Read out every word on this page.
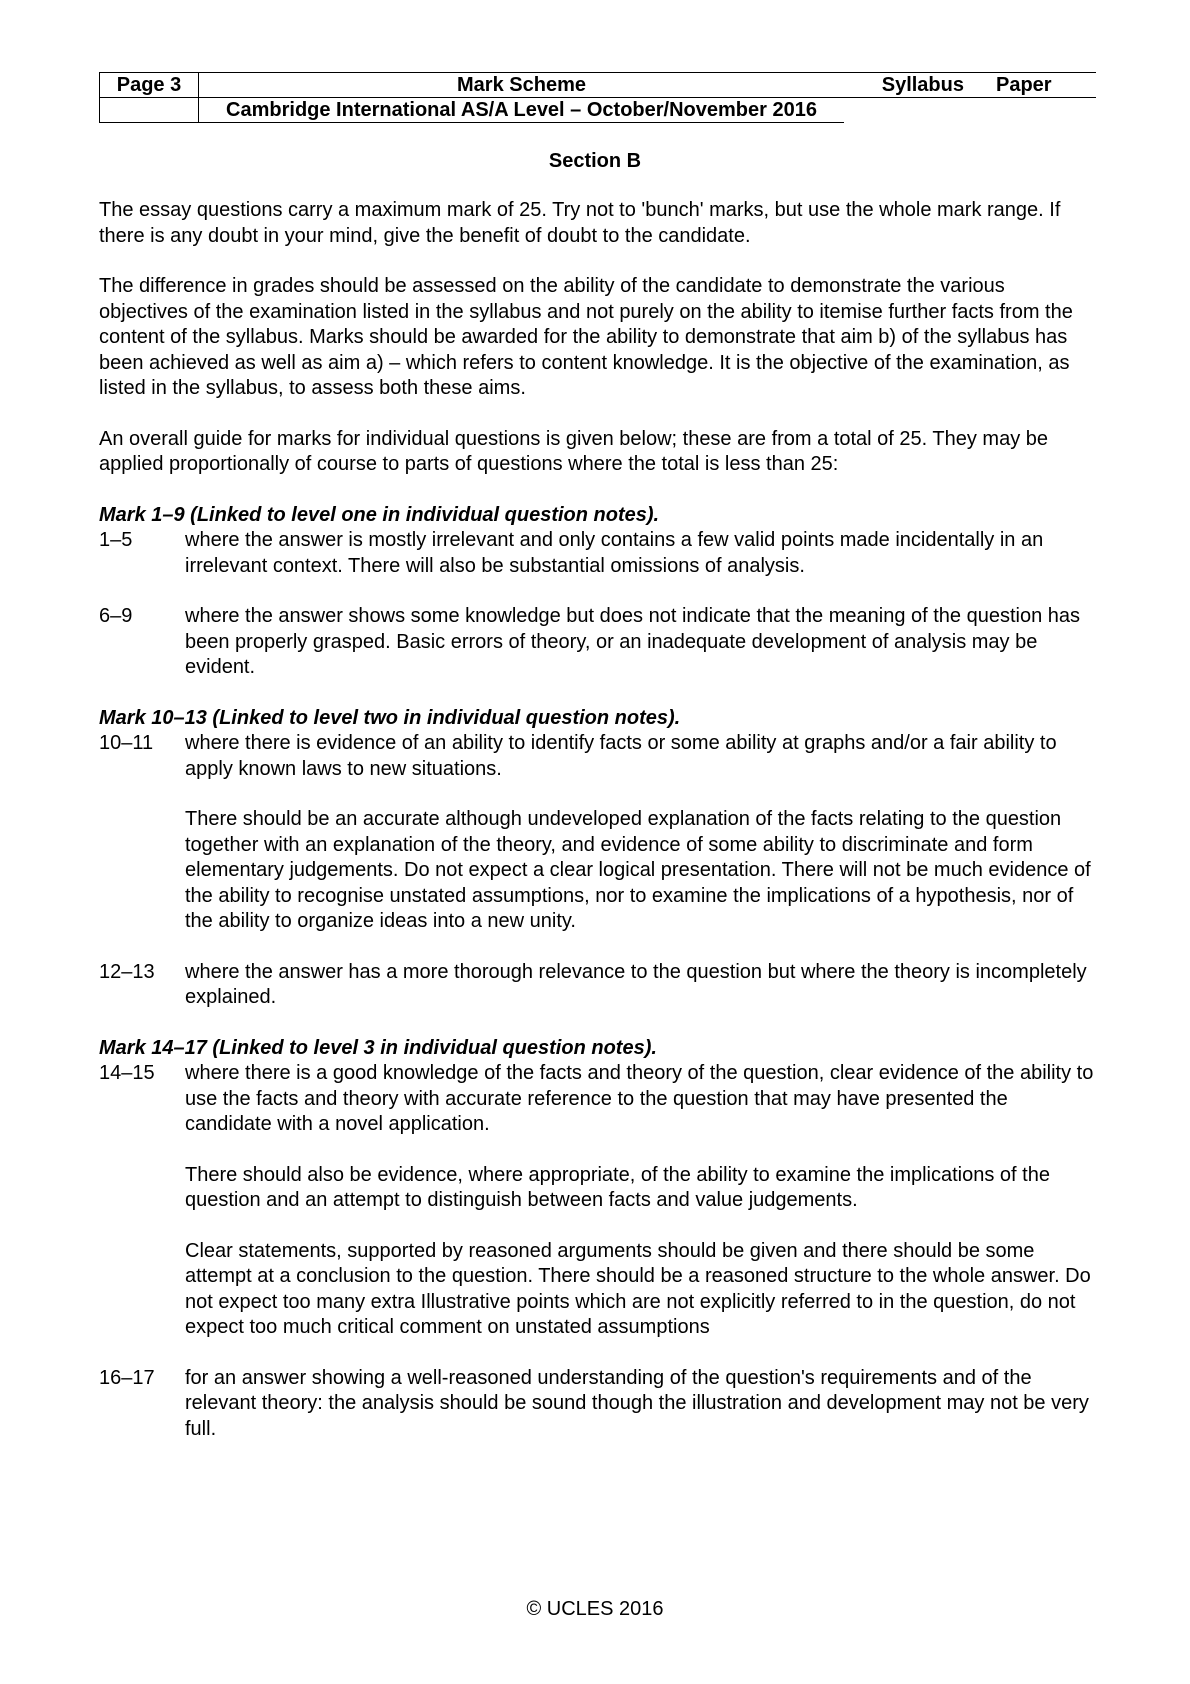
Page 3	Mark Scheme	Syllabus	Paper
	Cambridge International AS/A Level – October/November 2016		
Section B

The essay questions carry a maximum mark of 25. Try not to 'bunch' marks, but use the whole mark range. If there is any doubt in your mind, give the benefit of doubt to the candidate.

The difference in grades should be assessed on the ability of the candidate to demonstrate the various objectives of the examination listed in the syllabus and not purely on the ability to itemise further facts from the content of the syllabus. Marks should be awarded for the ability to demonstrate that aim b) of the syllabus has been achieved as well as aim a) – which refers to content knowledge. It is the objective of the examination, as listed in the syllabus, to assess both these aims.

An overall guide for marks for individual questions is given below; these are from a total of 25. They may be applied proportionally of course to parts of questions where the total is less than 25:

Mark 1–9 (Linked to level one in individual question notes).
1–5	where the answer is mostly irrelevant and only contains a few valid points made incidentally in an irrelevant context. There will also be substantial omissions of analysis.
6–9	where the answer shows some knowledge but does not indicate that the meaning of the question has been properly grasped. Basic errors of theory, or an inadequate development of analysis may be evident.
Mark 10–13 (Linked to level two in individual question notes).
10–11	where there is evidence of an ability to identify facts or some ability at graphs and/or a fair ability to apply known laws to new situations.
There should be an accurate although undeveloped explanation of the facts relating to the question together with an explanation of the theory, and evidence of some ability to discriminate and form elementary judgements. Do not expect a clear logical presentation. There will not be much evidence of the ability to recognise unstated assumptions, nor to examine the implications of a hypothesis, nor of the ability to organize ideas into a new unity.
12–13	where the answer has a more thorough relevance to the question but where the theory is incompletely explained.
Mark 14–17 (Linked to level 3 in individual question notes).
14–15	where there is a good knowledge of the facts and theory of the question, clear evidence of the ability to use the facts and theory with accurate reference to the question that may have presented the candidate with a novel application.
There should also be evidence, where appropriate, of the ability to examine the implications of the question and an attempt to distinguish between facts and value judgements.
Clear statements, supported by reasoned arguments should be given and there should be some attempt at a conclusion to the question. There should be a reasoned structure to the whole answer. Do not expect too many extra Illustrative points which are not explicitly referred to in the question, do not expect too much critical comment on unstated assumptions
16–17	for an answer showing a well-reasoned understanding of the question's requirements and of the relevant theory: the analysis should be sound though the illustration and development may not be very full.
© UCLES 2016
